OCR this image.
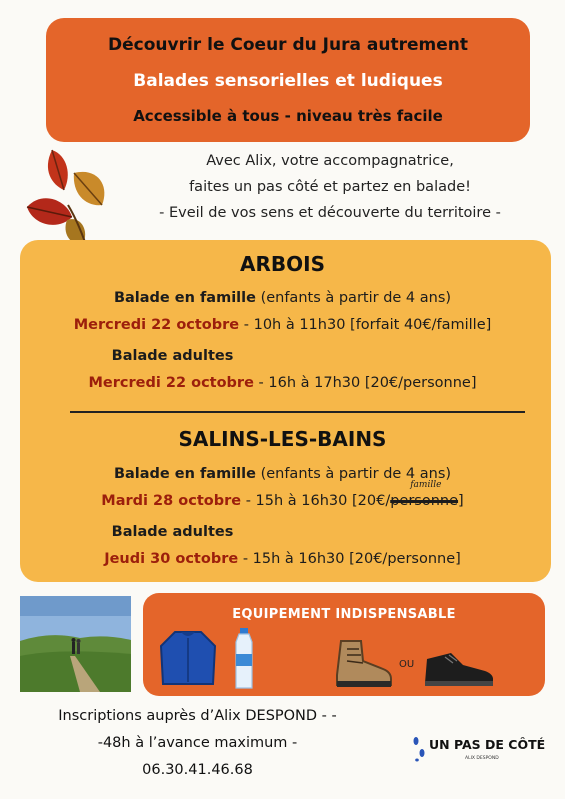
Découvrir le Coeur du Jura autrement
Balades sensorielles et ludiques
Accessible à tous - niveau très facile
Avec Alix, votre accompagnatrice,
faites un pas côté et partez en balade!
- Eveil de vos sens et découverte du territoire -
ARBOIS
Balade en famille (enfants à partir de 4 ans)
Mercredi 22 octobre - 10h à 11h30 [forfait 40€/famille]
Balade adultes
Mercredi 22 octobre - 16h à 17h30 [20€/personne]
SALINS-LES-BAINS
Balade en famille (enfants à partir de 4 ans)
Mardi 28 octobre - 15h à 16h30 [20€/personne
famille
]
Balade adultes
Jeudi 30 octobre - 15h à 16h30 [20€/personne]
EQUIPEMENT INDISPENSABLE
OU
Inscriptions auprès d’Alix DESPOND - -
-48h à l’avance maximum -
06.30.41.46.68
UN PAS DE CÔTÉ
ALIX DESPOND
